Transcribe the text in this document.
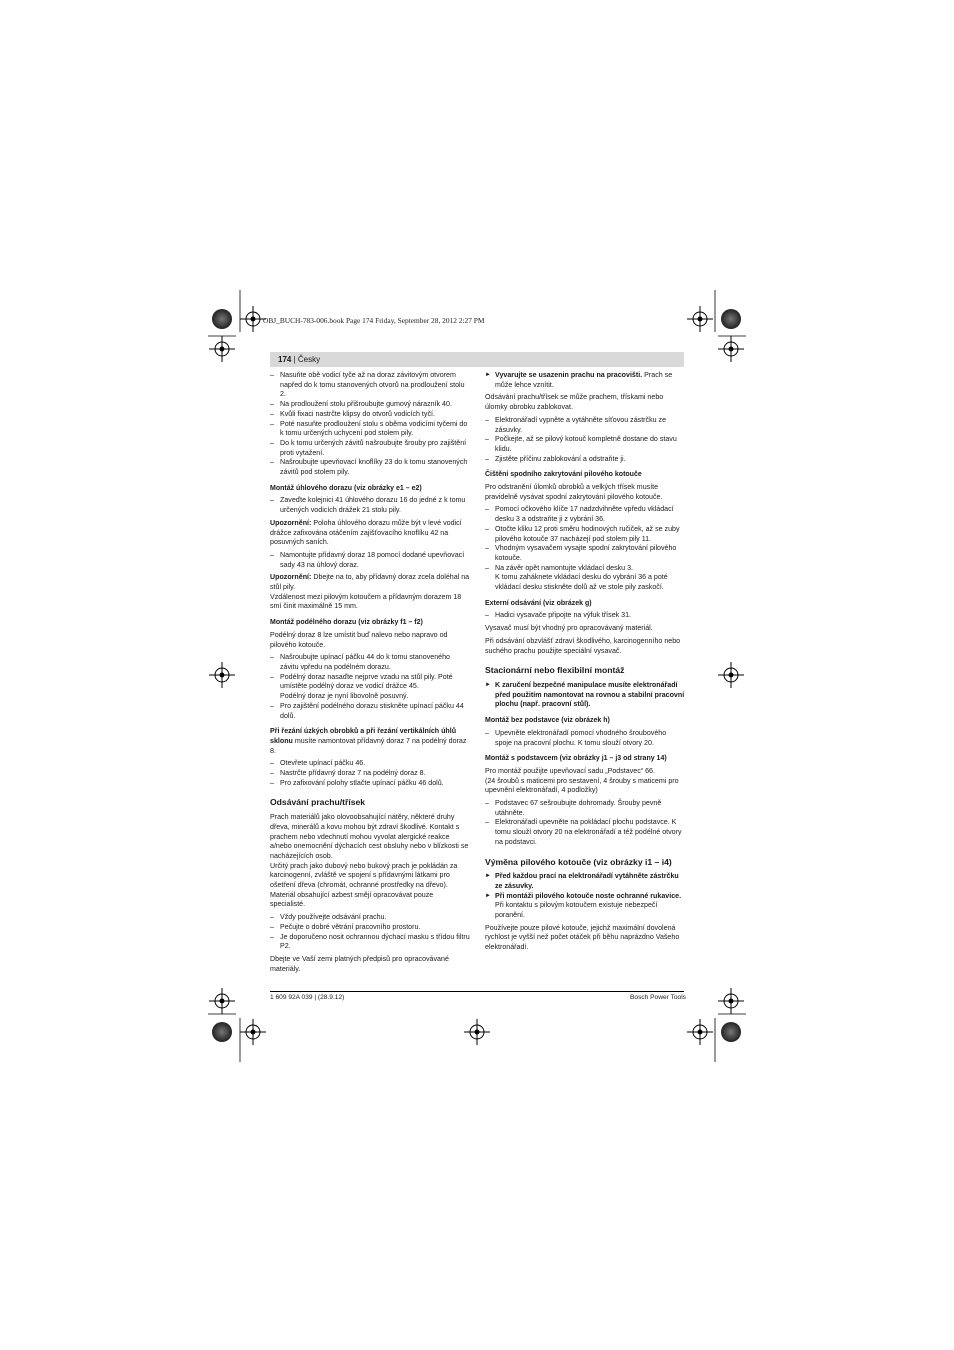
OBJ_BUCH-783-006.book Page 174 Friday, September 28, 2012 2:27 PM
174 | Česky
– Nasuňte obě vodicí tyče až na doraz závitovým otvorem napřed do k tomu stanovených otvorů na prodloužení stolu 2.
– Na prodloužení stolu přišroubujte gumový nárazník 40.
– Kvůli fixaci nastrčte klipsy do otvorů vodicích tyčí.
– Poté nasuňte prodloužení stolu s oběma vodicími tyčemi do k tomu určených uchycení pod stolem pily.
– Do k tomu určených závitů našroubujte šrouby pro zajištění proti vytažení.
– Našroubujte upevňovací knoflíky 23 do k tomu stanovených závitů pod stolem pily.
Montáž úhlového dorazu (viz obrázky e1 – e2)
– Zaveďte kolejnici 41 úhlového dorazu 16 do jedné z k tomu určených vodicích drážek 21 stolu pily.

Upozornění: Poloha úhlového dorazu může být v levé vodicí drážce zafixována otáčením zajišťovacího knoflíku 42 na posuvných saních.

– Namontujte přídavný doraz 18 pomocí dodané upevňovací sady 43 na úhlový doraz.

Upozornění: Dbejte na to, aby přídavný doraz zcela doléhal na stůl pily.

Vzdálenost mezi pilovým kotoučem a přídavným dorazem 18 smí činit maximálně 15 mm.

Montáž podélného dorazu (viz obrázky f1 – f2)

Podélný doraz 8 lze umístit buď nalevo nebo napravo od pilového kotouče.

– Našroubujte upínací páčku 44 do k tomu stanoveného závitu vpředu na podélném dorazu.
– Podélný doraz nasaďte nejprve vzadu na stůl pily. Poté umístěte podélný doraz ve vodicí drážce 45.
Podélný doraz je nyní libovolně posuvný.
– Pro zajištění podélného dorazu stiskněte upínací páčku 44 dolů.

Při řezání úzkých obrobků a při řezání vertikálních úhlů sklonu musíte namontovat přídavný doraz 7 na podélný doraz 8.

– Otevřete upínací páčku 46.
– Nastrčte přídavný doraz 7 na podélný doraz 8.
– Pro zafixování polohy stlačte upínací páčku 46 dolů.
Odsávání prachu/třísek

Prach materiálů jako olovoobsahující nátěry, některé druhy dřeva, minerálů a kovu mohou být zdraví škodlivé. Kontakt s prachem nebo vdechnutí mohou vyvolat alergické reakce a/nebo onemocnění dýchacích cest obsluhy nebo v blízkosti se nacházejících osob.

Určitý prach jako dubový nebo bukový prach je pokládán za karcinogenní, zvláště ve spojení s přídavnými látkami pro ošetření dřeva (chromát, ochranné prostředky na dřevo). Materiál obsahující azbest smějí opracovávat pouze specialisté.

– Vždy používejte odsávání prachu.
– Pečujte o dobré větrání pracovního prostoru.
– Je doporučeno nosit ochrannou dýchací masku s třídou filtru P2.

Dbejte ve Vaší zemi platných předpisů pro opracovávané materiály.

► Vyvarujte se usazenin prachu na pracovišti. Prach se může lehce vznítit.

Odsávání prachu/třísek se může prachem, třískami nebo úlomky obrobku zablokovat.

– Elektronářadí vypněte a vytáhněte síťovou zástrčku ze zásuvky.
– Počkejte, až se pilový kotouč kompletně dostane do stavu klidu.
– Zjistěte příčinu zablokování a odstraňte ji.
Čištění spodního zakrytování pilového kotouče

Pro odstranění úlomků obrobků a velkých třísek musíte pravidelně vysávat spodní zakrytování pilového kotouče.

– Pomocí očkového klíče 17 nadzdvihněte vpředu vkládací desku 3 a odstraňte ji z vybrání 36.
– Otočte kliku 12 proti směru hodinových ručiček, až se zuby pilového kotouče 37 nacházejí pod stolem pily 11.
– Vhodným vysavačem vysajte spodní zakrytování pilového kotouče.
– Na závěr opět namontujte vkládací desku 3.
K tomu zaháknete vkládací desku do vybrání 36 a poté vkládací desku stiskněte dolů až ve stole pily zaskočí.
Externí odsávání (viz obrázek g)
– Hadici vysavače připojte na výfuk třísek 31.

Vysavač musí být vhodný pro opracovávaný materiál.

Při odsávání obzvlášť zdraví škodlivého, karcinogenního nebo suchého prachu použijte speciální vysavač.

Stacionární nebo flexibilní montáž
► K zaručení bezpečné manipulace musíte elektronářadí před použitím namontovat na rovnou a stabilní pracovní plochu (např. pracovní stůl).
Montáž bez podstavce (viz obrázek h)
– Upevněte elektronářadí pomocí vhodného šroubového spoje na pracovní plochu. K tomu slouží otvory 20.
Montáž s podstavcem (viz obrázky j1 – j3 od strany 14)

Pro montáž použijte upevňovací sadu „Podstavec“ 66.

(24 šroubů s maticemi pro sestavení, 4 šrouby s maticemi pro upevnění elektronářadí, 4 podložky)

– Podstavec 67 sešroubujte dohromady. Šrouby pevně utáhněte.
– Elektronářadí upevněte na pokládací plochu podstavce. K tomu slouží otvory 20 na elektronářadí a též podélné otvory na podstavci.
Výměna pilového kotouče (viz obrázky i1 – i4)
► Před každou prací na elektronářadí vytáhněte zástrčku ze zásuvky.
► Při montáži pilového kotouče noste ochranné rukavice. Při kontaktu s pilovým kotoučem existuje nebezpečí poranění.

Používejte pouze pilové kotouče, jejichž maximální dovolená rychlost je vyšší než počet otáček při běhu naprázdno Vašeho elektronářadí.

1 609 92A 039 | (28.9.12)	Bosch Power Tools
